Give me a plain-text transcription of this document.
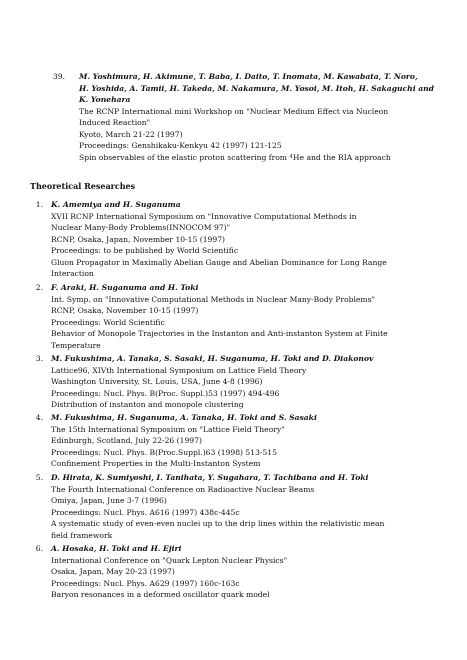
39. M. Yoshimura, H. Akimune, T. Baba, I. Daito, T. Inomata, M. Kawabata, T. Noro,
H. Yoshida, A. Tamii, H. Takeda, M. Nakamura, M. Yosoi, M. Itoh, H. Sakaguchi and
K. Yonehara
The RCNP International mini Workshop on "Nuclear Medium Effect via Nucleon
Induced Reaction"
Kyoto, March 21-22 (1997)
Proceedings: Genshikaku-Kenkyu 42 (1997) 121-125
Spin observables of the elastic proton scattering from $^4$He and the RIA approach
Theoretical Researches
1. K. Amemiya and H. Suganuma
XVII RCNP International Symposium on "Innovative Computational Methods in
Nuclear Many-Body Problems(INNOCOM 97)"
RCNP, Osaka, Japan, November 10-15 (1997)
Proceedings: to be published by World Scientific
Gluon Propagator in Maximally Abelian Gauge and Abelian Dominance for Long Range
Interaction
2. F. Araki, H. Suganuma and H. Toki
Int. Symp. on "Innovative Computational Methods in Nuclear Many-Body Problems"
RCNP, Osaka, November 10-15 (1997)
Proceedings: World Scientific
Behavior of Monopole Trajectories in the Instanton and Anti-instanton System at Finite
Temperature
3. M. Fukushima, A. Tanaka, S. Sasaki, H. Suganuma, H. Toki and D. Diakonov
Lattice96, XIVth International Symposium on Lattice Field Theory
Washington University, St. Louis, USA, June 4-8 (1996)
Proceedings: Nucl. Phys. B(Proc. Suppl.)53 (1997) 494-496
Distribution of instanton and monopole clustering
4. M. Fukushima, H. Suganuma, A. Tanaka, H. Toki and S. Sasaki
The 15th International Symposium on "Lattice Field Theory"
Edinburgh, Scotland, July 22-26 (1997)
Proceedings: Nucl. Phys. B(Proc.Suppl.)63 (1998) 513-515
Confinement Properties in the Multi-Instanton System
5. D. Hirata, K. Sumiyoshi, I. Tanihata, Y. Sugahara, T. Tachibana and H. Toki
The Fourth International Conference on Radioactive Nuclear Beams
Omiya, Japan, June 3-7 (1996)
Proceedings: Nucl. Phys. A616 (1997) 438c-445c
A systematic study of even-even nuclei up to the drip lines within the relativistic mean
field framework
6. A. Hosaka, H. Toki and H. Ejiri
International Conference on "Quark Lepton Nuclear Physics"
Osaka, Japan, May 20-23 (1997)
Proceedings: Nucl. Phys. A629 (1997) 160c-163c
Baryon resonances in a deformed oscillator quark model
